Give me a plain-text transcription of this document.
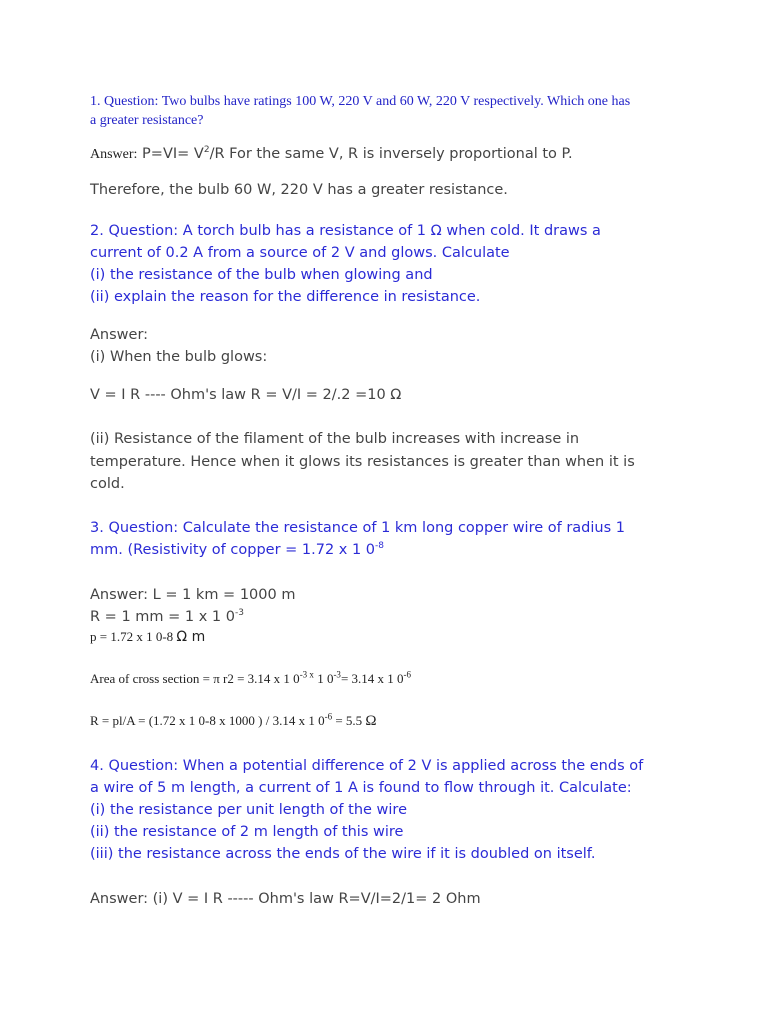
1. Question: Two bulbs have ratings 100 W, 220 V and 60 W, 220 V respectively. Which one has

a greater resistance?

Answer: $P=VI= V^2/R$ For the same V, R is inversely proportional to P.

Therefore, the bulb 60 W, 220 V has a greater resistance.

2. Question: A torch bulb has a resistance of 1 Ω when cold. It draws a

current of 0.2 A from a source of 2 V and glows. Calculate

(i) the resistance of the bulb when glowing and

(ii) explain the reason for the difference in resistance.

Answer:

(i) When the bulb glows:

V = I R ---- Ohm's law R = V/I = 2/.2 =10 Ω

(ii) Resistance of the filament of the bulb increases with increase in

temperature. Hence when it glows its resistances is greater than when it is

cold.

3. Question: Calculate the resistance of 1 km long copper wire of radius 1

mm. (Resistivity of copper = 1.72 x 1 $0^{-8}$

Answer: L = 1 km = 1000 m

R = 1 mm = 1 x 1 $0^{-3}$

p = 1.72 x 1 0-8 Ω m

Area of cross section = π r2 = 3.14 x 1 $0^{-3 x}$ 1 $0^{-3}= 3.14$ x 1 $0^{-6}$

R = pl/A = (1.72 x 1 0-8 x 1000 ) / 3.14 x 1 $0^{-6} = 5.5$ Ω

4. Question: When a potential difference of 2 V is applied across the ends of

a wire of 5 m length, a current of 1 A is found to flow through it. Calculate:

(i) the resistance per unit length of the wire

(ii) the resistance of 2 m length of this wire

(iii) the resistance across the ends of the wire if it is doubled on itself.

Answer: (i) V = I R ----- Ohm's law R=V/I=2/1= 2 Ohm
